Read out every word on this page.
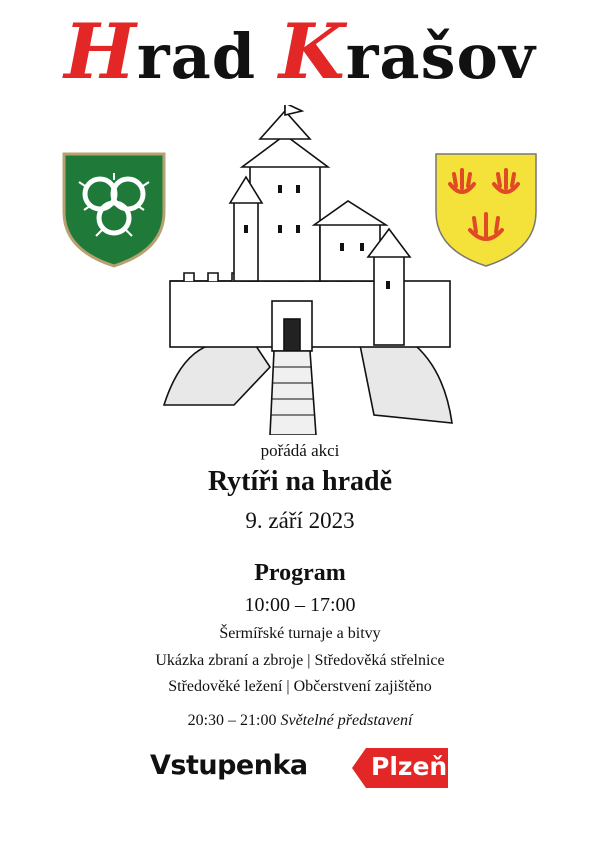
Hrad Krašov
pořádá akci
Rytíři na hradě
9. září 2023
Program
10:00 – 17:00
Šermířské turnaje a bitvy
Ukázka zbraní a zbroje | Středověká střelnice
Středověké ležení | Občerstvení zajištěno
20:30 – 21:00 Světelné představení
Vstupenka	Plzeň
